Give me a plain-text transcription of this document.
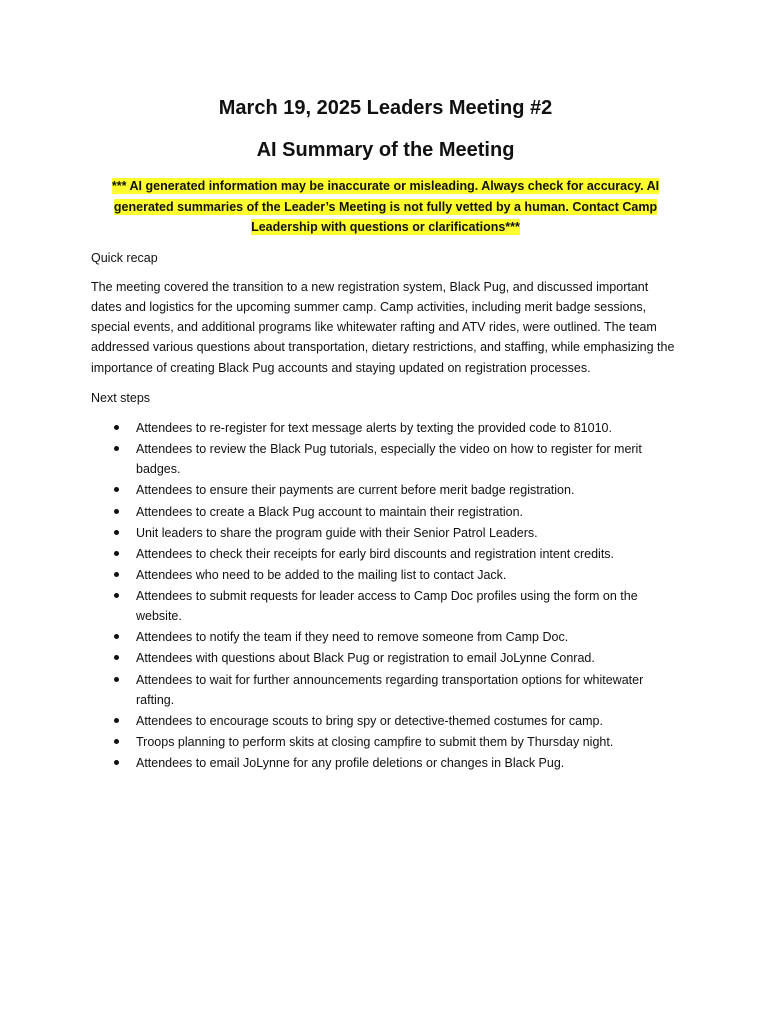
March 19, 2025 Leaders Meeting #2
AI Summary of the Meeting

*** AI generated information may be inaccurate or misleading. Always check for accuracy. AI generated summaries of the Leader’s Meeting is not fully vetted by a human. Contact Camp Leadership with questions or clarifications***

Quick recap

The meeting covered the transition to a new registration system, Black Pug, and discussed important dates and logistics for the upcoming summer camp. Camp activities, including merit badge sessions, special events, and additional programs like whitewater rafting and ATV rides, were outlined. The team addressed various questions about transportation, dietary restrictions, and staffing, while emphasizing the importance of creating Black Pug accounts and staying updated on registration processes.

Next steps

Attendees to re-register for text message alerts by texting the provided code to 81010.
Attendees to review the Black Pug tutorials, especially the video on how to register for merit badges.
Attendees to ensure their payments are current before merit badge registration.
Attendees to create a Black Pug account to maintain their registration.
Unit leaders to share the program guide with their Senior Patrol Leaders.
Attendees to check their receipts for early bird discounts and registration intent credits.
Attendees who need to be added to the mailing list to contact Jack.
Attendees to submit requests for leader access to Camp Doc profiles using the form on the website.
Attendees to notify the team if they need to remove someone from Camp Doc.
Attendees with questions about Black Pug or registration to email JoLynne Conrad.
Attendees to wait for further announcements regarding transportation options for whitewater rafting.
Attendees to encourage scouts to bring spy or detective-themed costumes for camp.
Troops planning to perform skits at closing campfire to submit them by Thursday night.
Attendees to email JoLynne for any profile deletions or changes in Black Pug.
